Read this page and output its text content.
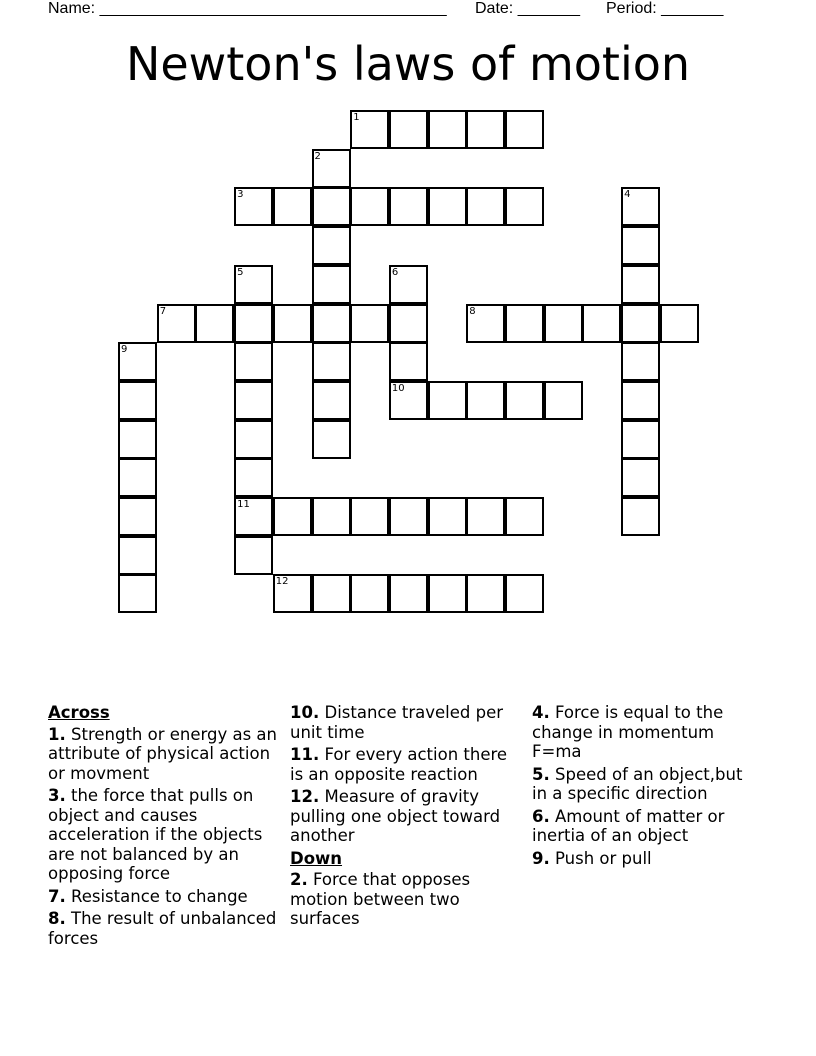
Name: _______________________________________ Date: _______ Period: _______
Newton's laws of motion
1
2
3	4
5	6
7	8
9
10
11
12
Across
1. Strength or energy as an attribute of physical action or movment
3. the force that pulls on object and causes acceleration if the objects are not balanced by an opposing force
7. Resistance to change
8. The result of unbalanced forces
10. Distance traveled per unit time
11. For every action there is an opposite reaction
12. Measure of gravity pulling one object toward another
Down
2. Force that opposes motion between two surfaces
4. Force is equal to the change in momentum F=ma
5. Speed of an object,but in a specific direction
6. Amount of matter or inertia of an object
9. Push or pull
